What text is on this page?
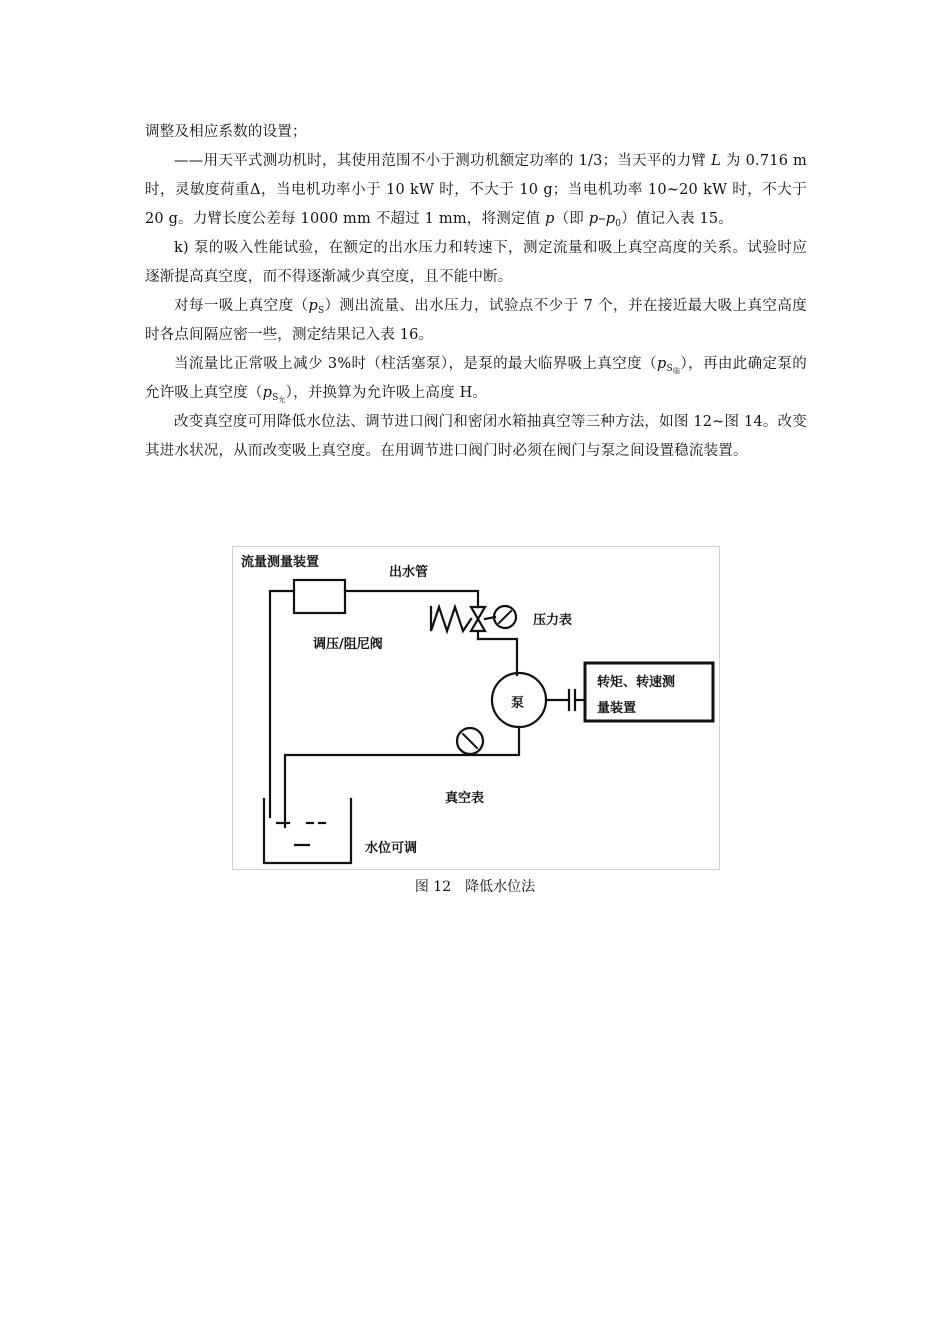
调整及相应系数的设置；

——用天平式测功机时，其使用范围不小于测功机额定功率的 1/3；当天平的力臂 L 为 0.716 m 时，灵敏度荷重Δ，当电机功率小于 10 kW 时，不大于 10 g；当电机功率 10~20 kW 时，不大于 20 g。力臂长度公差每 1000 mm 不超过 1 mm，将测定值 p（即 $p-p_0$）值记入表 15。

k) 泵的吸入性能试验，在额定的出水压力和转速下，测定流量和吸上真空高度的关系。试验时应逐渐提高真空度，而不得逐渐减少真空度，且不能中断。

对每一吸上真空度$(p_S)$测出流量、出水压力，试验点不少于 7 个，并在接近最大吸上真空高度时各点间隔应密一些，测定结果记入表 16。

当流量比正常吸上减少 3%时（柱活塞泵），是泵的最大临界吸上真空度$(p_{S临})$，再由此确定泵的允许吸上真空度$(p_{S允})$，并换算为允许吸上高度 H。

改变真空度可用降低水位法、调节进口阀门和密闭水箱抽真空等三种方法，如图 12~图 14。改变其进水状况，从而改变吸上真空度。在用调节进口阀门时必须在阀门与泵之间设置稳流装置。

流量测量装置
出水管
压力表
调压/阻尼阀
泵
转矩、转速测
量装置
真空表
水位可调
图 12 降低水位法
